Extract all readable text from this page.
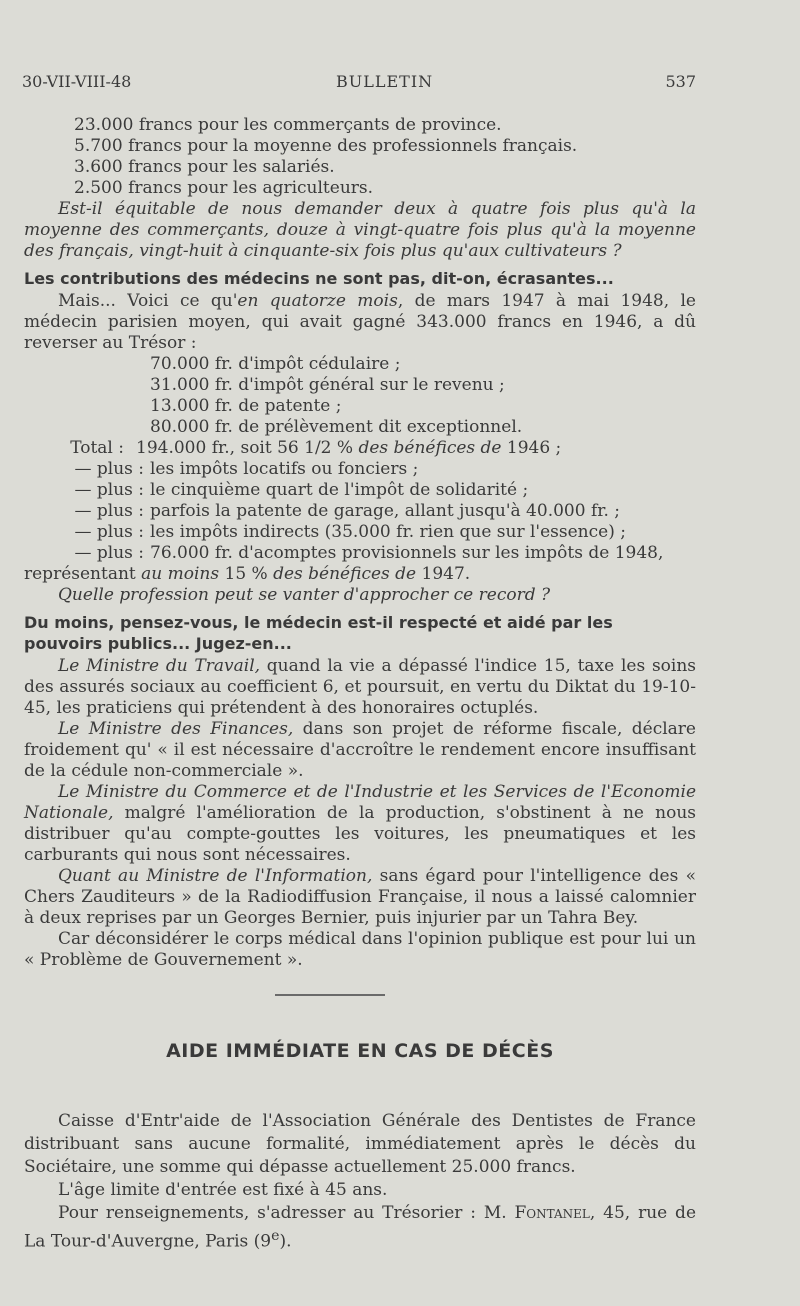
30-VII-VIII-48	BULLETIN	537

23.000 francs pour les commerçants de province.

5.700 francs pour la moyenne des professionnels français.

3.600 francs pour les salariés.

2.500 francs pour les agriculteurs.

Est-il équitable de nous demander deux à quatre fois plus qu'à la moyenne des commerçants, douze à vingt-quatre fois plus qu'à la moyenne des français, vingt-huit à cinquante-six fois plus qu'aux cultivateurs ?

Les contributions des médecins ne sont pas, dit-on, écrasantes...

Mais... Voici ce qu'en quatorze mois, de mars 1947 à mai 1948, le médecin parisien moyen, qui avait gagné 343.000 francs en 1946, a dû reverser au Trésor :

70.000 fr. d'impôt cédulaire ;
31.000 fr. d'impôt général sur le revenu ;
13.000 fr. de patente ;
80.000 fr. de prélèvement dit exceptionnel.
Total : 194.000 fr., soit 56 1/2 % des bénéfices de 1946 ;
— plus : les impôts locatifs ou fonciers ;
— plus : le cinquième quart de l'impôt de solidarité ;
— plus : parfois la patente de garage, allant jusqu'à 40.000 fr. ;
— plus : les impôts indirects (35.000 fr. rien que sur l'essence) ;
— plus : 76.000 fr. d'acomptes provisionnels sur les impôts de 1948,

représentant au moins 15 % des bénéfices de 1947.

Quelle profession peut se vanter d'approcher ce record ?

Du moins, pensez-vous, le médecin est-il respecté et aidé par les pouvoirs publics... Jugez-en...

Le Ministre du Travail, quand la vie a dépassé l'indice 15, taxe les soins des assurés sociaux au coefficient 6, et poursuit, en vertu du Diktat du 19-10-45, les praticiens qui prétendent à des honoraires octuplés.

Le Ministre des Finances, dans son projet de réforme fiscale, déclare froidement qu' « il est nécessaire d'accroître le rendement encore insuffisant de la cédule non-commerciale ».

Le Ministre du Commerce et de l'Industrie et les Services de l'Economie Nationale, malgré l'amélioration de la production, s'obstinent à ne nous distribuer qu'au compte-gouttes les voitures, les pneumatiques et les carburants qui nous sont nécessaires.

Quant au Ministre de l'Information, sans égard pour l'intelligence des « Chers Zauditeurs » de la Radiodiffusion Française, il nous a laissé calomnier à deux reprises par un Georges Bernier, puis injurier par un Tahra Bey.

Car déconsidérer le corps médical dans l'opinion publique est pour lui un « Problème de Gouvernement ».

AIDE IMMÉDIATE EN CAS DE DÉCÈS

Caisse d'Entr'aide de l'Association Générale des Dentistes de France distribuant sans aucune formalité, immédiatement après le décès du Sociétaire, une somme qui dépasse actuellement 25.000 francs.

L'âge limite d'entrée est fixé à 45 ans.

Pour renseignements, s'adresser au Trésorier : M. Fontanel, 45, rue de La Tour-d'Auvergne, Paris (9e).
